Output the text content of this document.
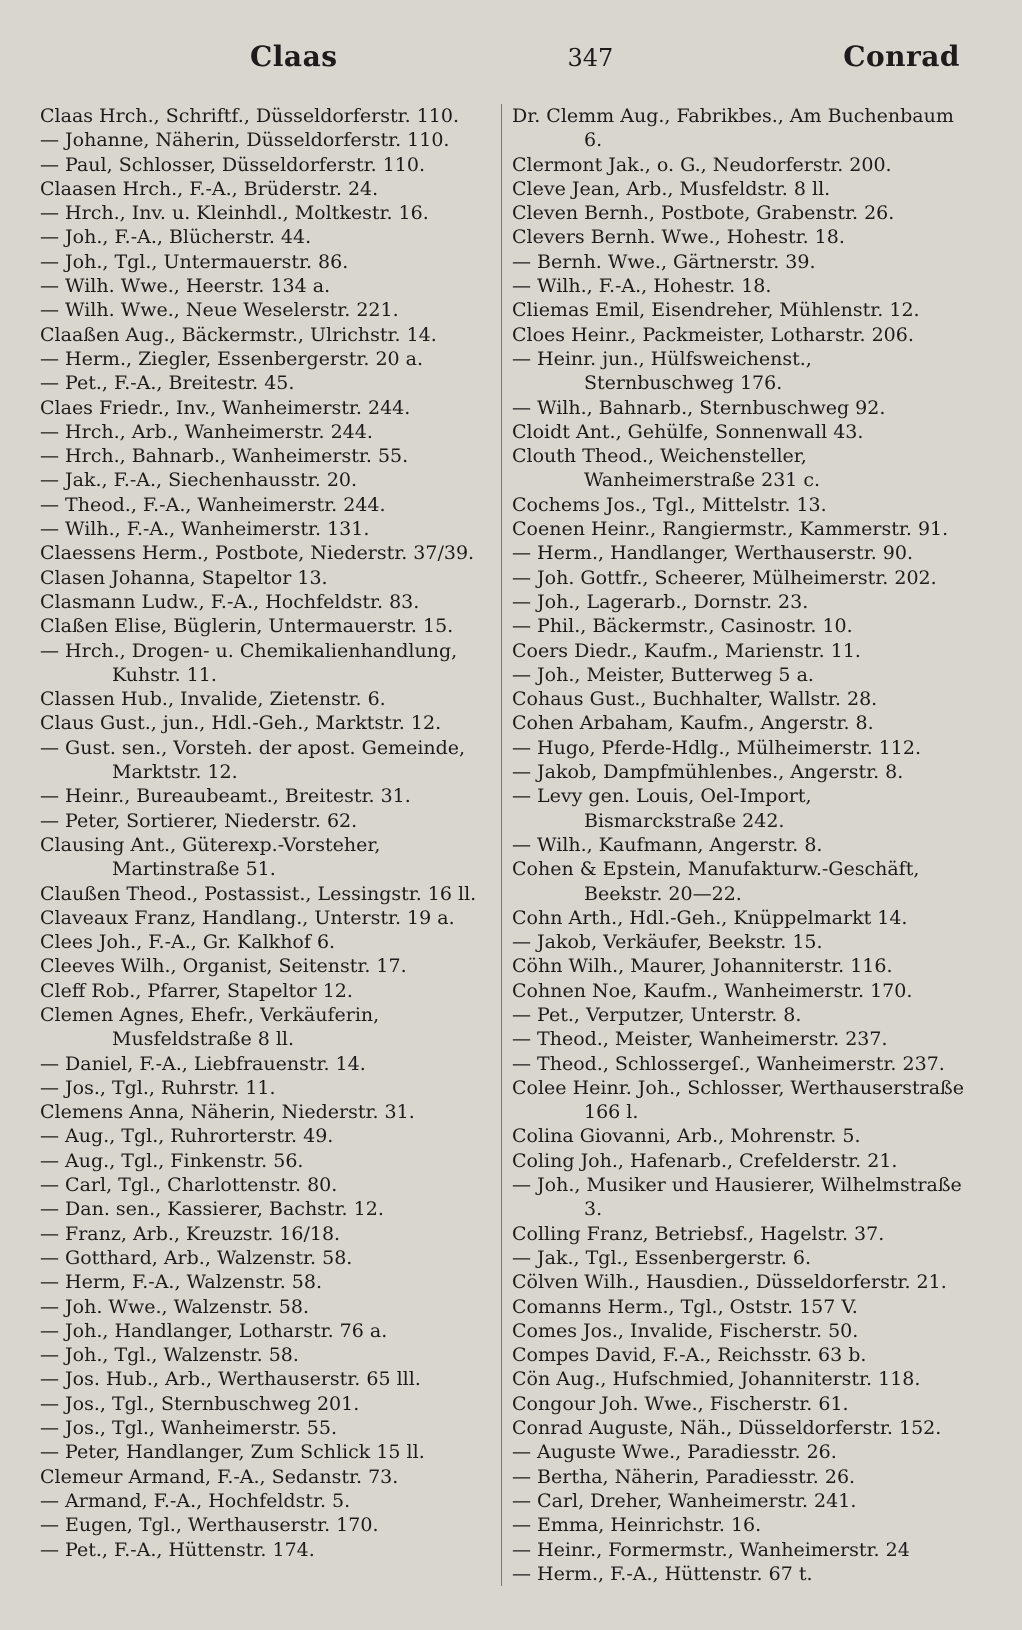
Claas	347	Conrad

Claas Hrch., Schriftf., Düsseldorferstr. 110.

— Johanne, Näherin, Düsseldorferstr. 110.

— Paul, Schlosser, Düsseldorferstr. 110.

Claasen Hrch., F.-A., Brüderstr. 24.

— Hrch., Inv. u. Kleinhdl., Moltkestr. 16.

— Joh., F.-A., Blücherstr. 44.

— Joh., Tgl., Untermauerstr. 86.

— Wilh. Wwe., Heerstr. 134 a.

— Wilh. Wwe., Neue Weselerstr. 221.

Claaßen Aug., Bäckermstr., Ulrichstr. 14.

— Herm., Ziegler, Essenbergerstr. 20 a.

— Pet., F.-A., Breitestr. 45.

Claes Friedr., Inv., Wanheimerstr. 244.

— Hrch., Arb., Wanheimerstr. 244.

— Hrch., Bahnarb., Wanheimerstr. 55.

— Jak., F.-A., Siechenhausstr. 20.

— Theod., F.-A., Wanheimerstr. 244.

— Wilh., F.-A., Wanheimerstr. 131.

Claessens Herm., Postbote, Niederstr. 37/39.

Clasen Johanna, Stapeltor 13.

Clasmann Ludw., F.-A., Hochfeldstr. 83.

Claßen Elise, Büglerin, Untermauerstr. 15.

— Hrch., Drogen- u. Chemikalienhandlung, Kuhstr. 11.

Classen Hub., Invalide, Zietenstr. 6.

Claus Gust., jun., Hdl.-Geh., Marktstr. 12.

— Gust. sen., Vorsteh. der apost. Gemeinde, Marktstr. 12.

— Heinr., Bureaubeamt., Breitestr. 31.

— Peter, Sortierer, Niederstr. 62.

Clausing Ant., Güterexp.-Vorsteher, Martinstraße 51.

Claußen Theod., Postassist., Lessingstr. 16 ll.

Claveaux Franz, Handlang., Unterstr. 19 a.

Clees Joh., F.-A., Gr. Kalkhof 6.

Cleeves Wilh., Organist, Seitenstr. 17.

Cleff Rob., Pfarrer, Stapeltor 12.

Clemen Agnes, Ehefr., Verkäuferin, Musfeldstraße 8 ll.

— Daniel, F.-A., Liebfrauenstr. 14.

— Jos., Tgl., Ruhrstr. 11.

Clemens Anna, Näherin, Niederstr. 31.

— Aug., Tgl., Ruhrorterstr. 49.

— Aug., Tgl., Finkenstr. 56.

— Carl, Tgl., Charlottenstr. 80.

— Dan. sen., Kassierer, Bachstr. 12.

— Franz, Arb., Kreuzstr. 16/18.

— Gotthard, Arb., Walzenstr. 58.

— Herm, F.-A., Walzenstr. 58.

— Joh. Wwe., Walzenstr. 58.

— Joh., Handlanger, Lotharstr. 76 a.

— Joh., Tgl., Walzenstr. 58.

— Jos. Hub., Arb., Werthauserstr. 65 lll.

— Jos., Tgl., Sternbuschweg 201.

— Jos., Tgl., Wanheimerstr. 55.

— Peter, Handlanger, Zum Schlick 15 ll.

Clemeur Armand, F.-A., Sedanstr. 73.

— Armand, F.-A., Hochfeldstr. 5.

— Eugen, Tgl., Werthauserstr. 170.

— Pet., F.-A., Hüttenstr. 174.

Dr. Clemm Aug., Fabrikbes., Am Buchenbaum 6.

Clermont Jak., o. G., Neudorferstr. 200.

Cleve Jean, Arb., Musfeldstr. 8 ll.

Cleven Bernh., Postbote, Grabenstr. 26.

Clevers Bernh. Wwe., Hohestr. 18.

— Bernh. Wwe., Gärtnerstr. 39.

— Wilh., F.-A., Hohestr. 18.

Cliemas Emil, Eisendreher, Mühlenstr. 12.

Cloes Heinr., Packmeister, Lotharstr. 206.

— Heinr. jun., Hülfsweichenst., Sternbuschweg 176.

— Wilh., Bahnarb., Sternbuschweg 92.

Cloidt Ant., Gehülfe, Sonnenwall 43.

Clouth Theod., Weichensteller, Wanheimerstraße 231 c.

Cochems Jos., Tgl., Mittelstr. 13.

Coenen Heinr., Rangiermstr., Kammerstr. 91.

— Herm., Handlanger, Werthauserstr. 90.

— Joh. Gottfr., Scheerer, Mülheimerstr. 202.

— Joh., Lagerarb., Dornstr. 23.

— Phil., Bäckermstr., Casinostr. 10.

Coers Diedr., Kaufm., Marienstr. 11.

— Joh., Meister, Butterweg 5 a.

Cohaus Gust., Buchhalter, Wallstr. 28.

Cohen Arbaham, Kaufm., Angerstr. 8.

— Hugo, Pferde-Hdlg., Mülheimerstr. 112.

— Jakob, Dampfmühlenbes., Angerstr. 8.

— Levy gen. Louis, Oel-Import, Bismarckstraße 242.

— Wilh., Kaufmann, Angerstr. 8.

Cohen & Epstein, Manufakturw.-Geschäft, Beekstr. 20—22.

Cohn Arth., Hdl.-Geh., Knüppelmarkt 14.

— Jakob, Verkäufer, Beekstr. 15.

Cöhn Wilh., Maurer, Johanniterstr. 116.

Cohnen Noe, Kaufm., Wanheimerstr. 170.

— Pet., Verputzer, Unterstr. 8.

— Theod., Meister, Wanheimerstr. 237.

— Theod., Schlossergeſ., Wanheimerstr. 237.

Colee Heinr. Joh., Schlosser, Werthauserstraße 166 l.

Colina Giovanni, Arb., Mohrenstr. 5.

Coling Joh., Hafenarb., Crefelderstr. 21.

— Joh., Musiker und Hausierer, Wilhelmstraße 3.

Colling Franz, Betriebsf., Hagelstr. 37.

— Jak., Tgl., Essenbergerstr. 6.

Cölven Wilh., Hausdien., Düsseldorferstr. 21.

Comanns Herm., Tgl., Oststr. 157 V.

Comes Jos., Invalide, Fischerstr. 50.

Compes David, F.-A., Reichsstr. 63 b.

Cön Aug., Hufschmied, Johanniterstr. 118.

Congour Joh. Wwe., Fischerstr. 61.

Conrad Auguste, Näh., Düsseldorferstr. 152.

— Auguste Wwe., Paradiesstr. 26.

— Bertha, Näherin, Paradiesstr. 26.

— Carl, Dreher, Wanheimerstr. 241.

— Emma, Heinrichstr. 16.

— Heinr., Formermstr., Wanheimerstr. 24

— Herm., F.-A., Hüttenstr. 67 t.
